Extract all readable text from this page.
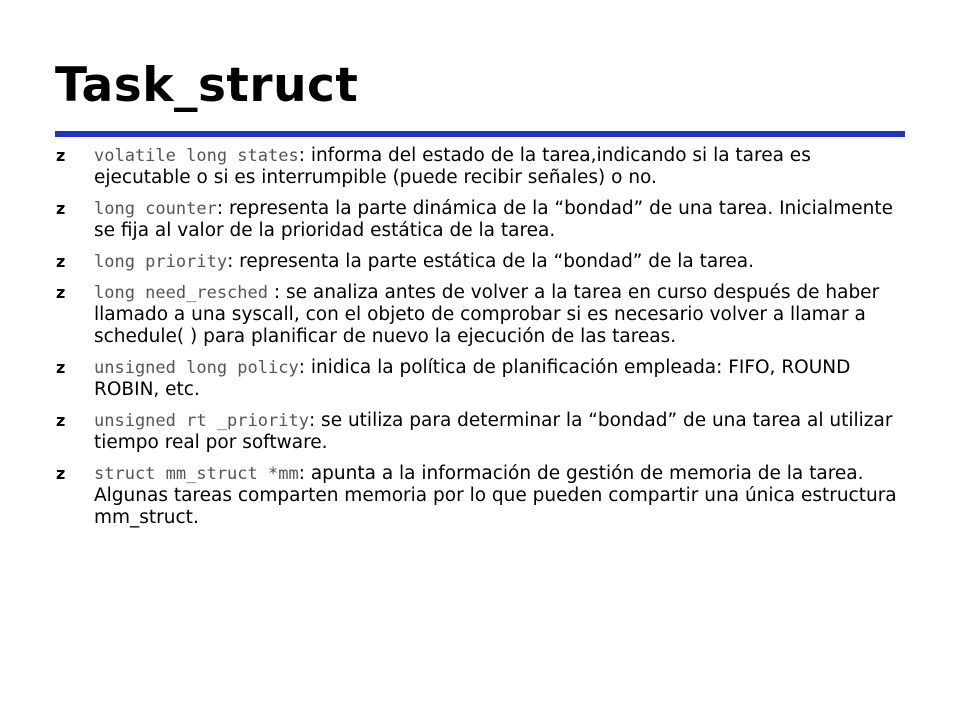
Task_struct
z volatile long states: informa del estado de la tarea,indicando si la tarea es ejecutable o si es interrumpible (puede recibir señales) o no.
z long counter: representa la parte dinámica de la “bondad” de una tarea. Inicialmente se fija al valor de la prioridad estática de la tarea.
z long priority: representa la parte estática de la “bondad” de la tarea.
z long need_resched : se analiza antes de volver a la tarea en curso después de haber llamado a una syscall, con el objeto de comprobar si es necesario volver a llamar a schedule( ) para planificar de nuevo la ejecución de las tareas.
z unsigned long policy: inidica la política de planificación empleada: FIFO, ROUND ROBIN, etc.
z unsigned rt _priority: se utiliza para determinar la “bondad” de una tarea al utilizar tiempo real por software.
z struct mm_struct *mm: apunta a la información de gestión de memoria de la tarea. Algunas tareas comparten memoria por lo que pueden compartir una única estructura mm_struct.
